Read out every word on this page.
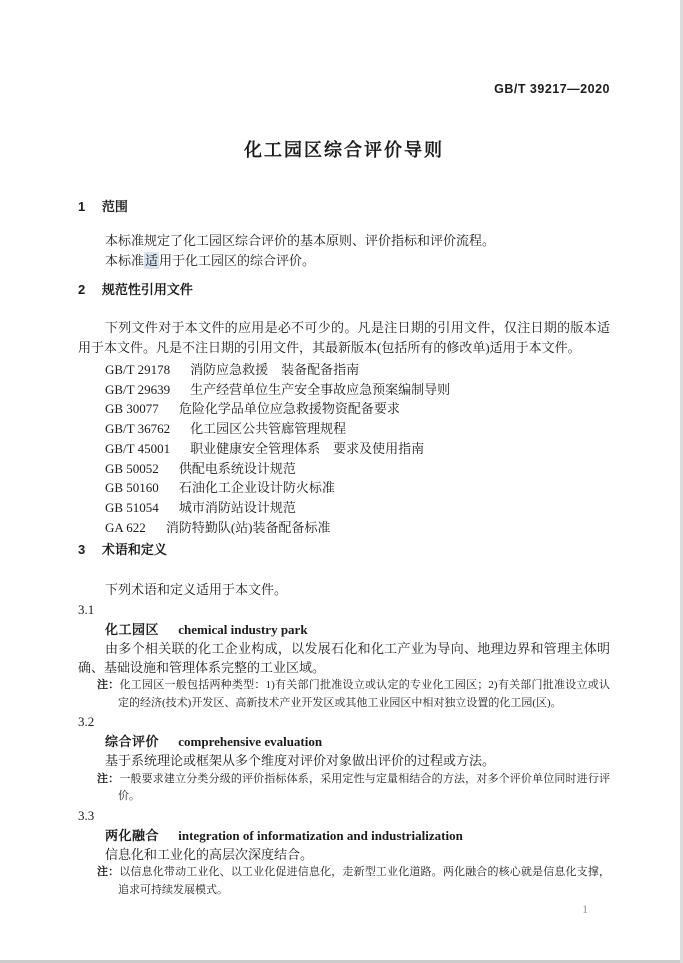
GB/T 39217—2020
化工园区综合评价导则
1 范围

本标准规定了化工园区综合评价的基本原则、评价指标和评价流程。

本标准适用于化工园区的综合评价。

2 规范性引用文件

下列文件对于本文件的应用是必不可少的。凡是注日期的引用文件，仅注日期的版本适用于本文件。凡是不注日期的引用文件，其最新版本(包括所有的修改单)适用于本文件。

GB/T 29178 消防应急救援　装备配备指南
GB/T 29639 生产经营单位生产安全事故应急预案编制导则
GB 30077 危险化学品单位应急救援物资配备要求
GB/T 36762 化工园区公共管廊管理规程
GB/T 45001 职业健康安全管理体系　要求及使用指南
GB 50052 供配电系统设计规范
GB 50160 石油化工企业设计防火标准
GB 51054 城市消防站设计规范
GA 622 消防特勤队(站)装备配备标准
3 术语和定义

下列术语和定义适用于本文件。

3.1
化工园区 chemical industry park

由多个相关联的化工企业构成，以发展石化和化工产业为导向、地理边界和管理主体明确、基础设施和管理体系完整的工业区域。

注：化工园区一般包括两种类型：1)有关部门批准设立或认定的专业化工园区；2)有关部门批准设立或认定的经济(技术)开发区、高新技术产业开发区或其他工业园区中相对独立设置的化工园(区)。

3.2
综合评价 comprehensive evaluation

基于系统理论或框架从多个维度对评价对象做出评价的过程或方法。

注：一般要求建立分类分级的评价指标体系，采用定性与定量相结合的方法，对多个评价单位同时进行评价。

3.3
两化融合 integration of informatization and industrialization

信息化和工业化的高层次深度结合。

注：以信息化带动工业化、以工业化促进信息化，走新型工业化道路。两化融合的核心就是信息化支撑，追求可持续发展模式。

1
